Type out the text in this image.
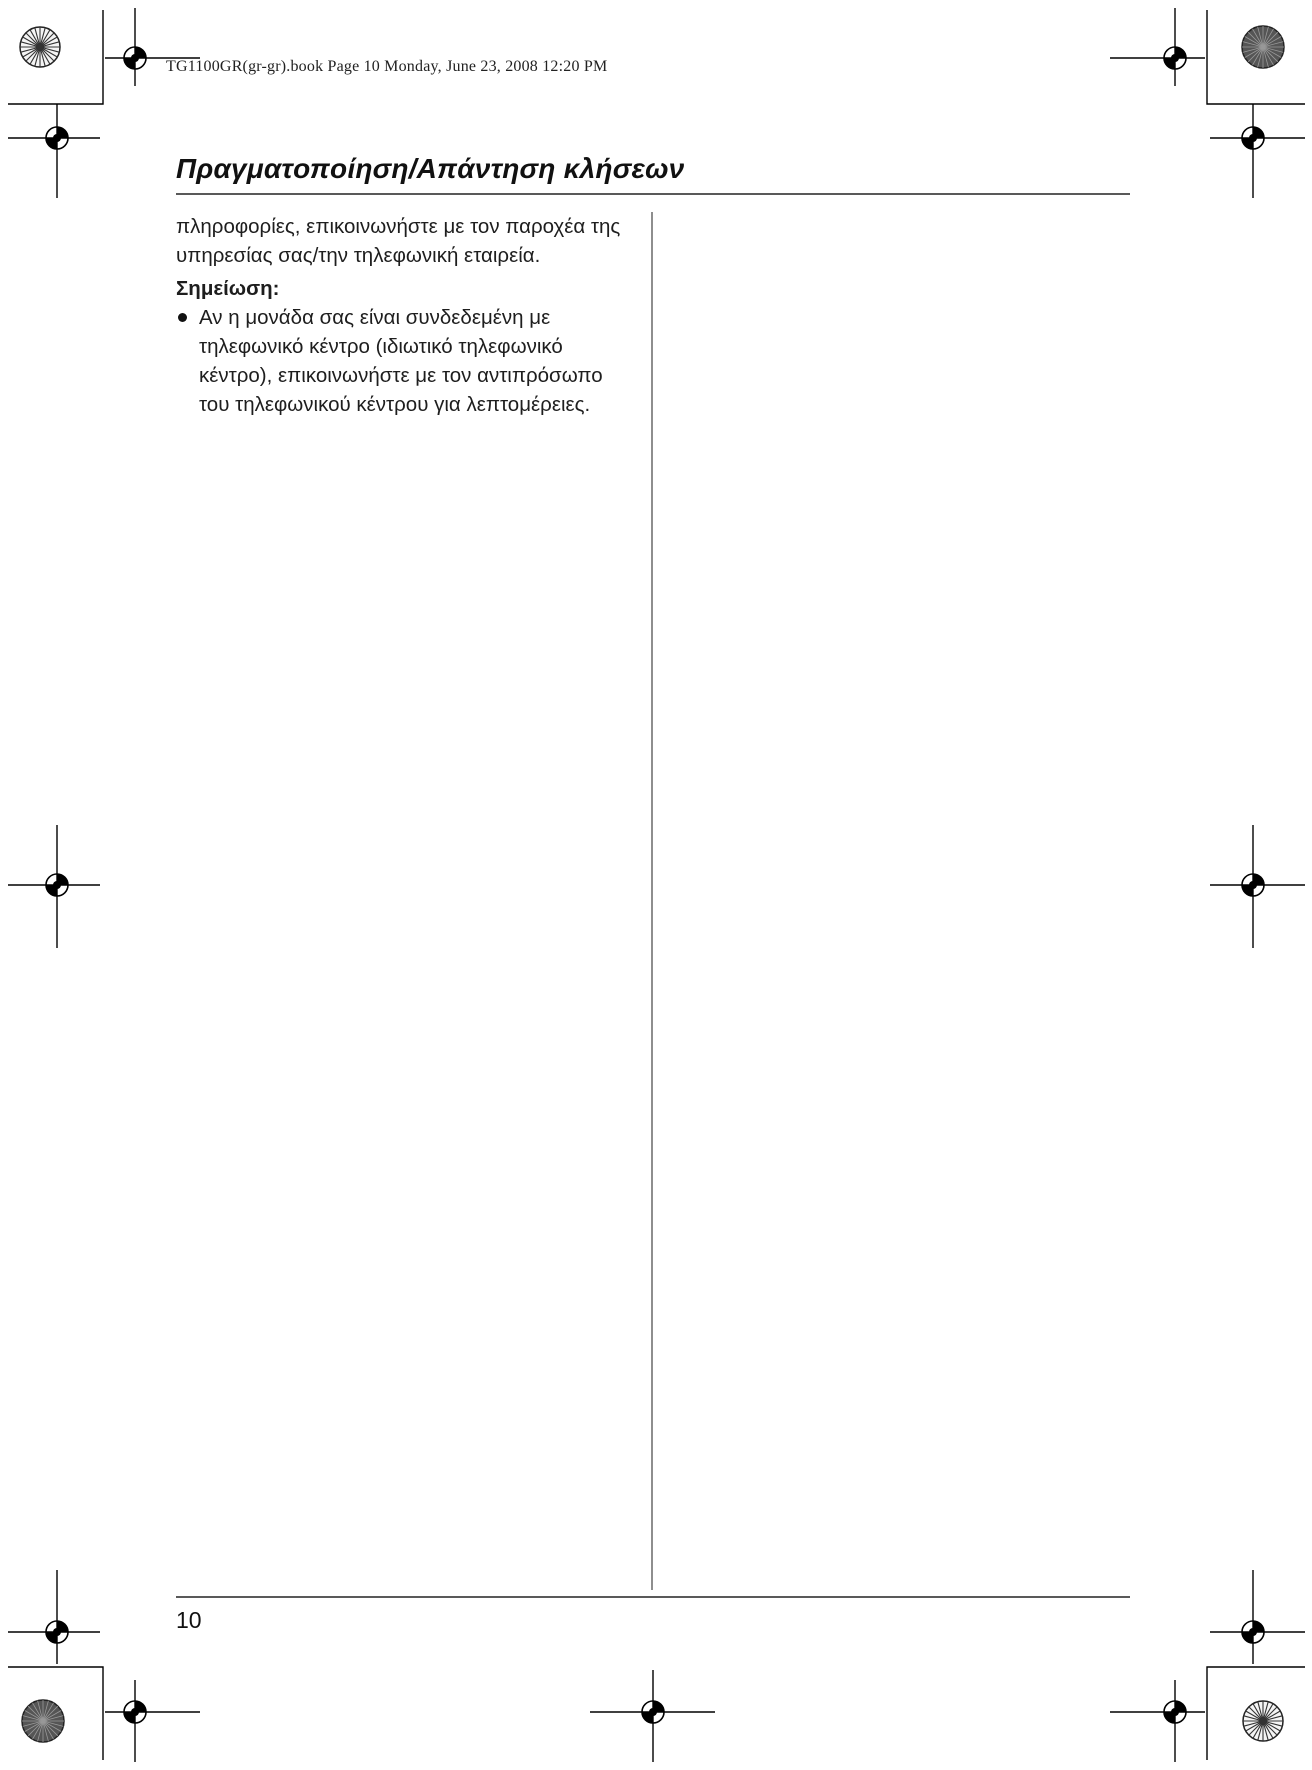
TG1100GR(gr-gr).book Page 10 Monday, June 23, 2008 12:20 PM
Πραγματοποίηση/Απάντηση κλήσεων

πληροφορίες, επικοινωνήστε με τον παροχέα της

υπηρεσίας σας/την τηλεφωνική εταιρεία.

Σημείωση:

Αν η μονάδα σας είναι συνδεδεμένη με

τηλεφωνικό κέντρο (ιδιωτικό τηλεφωνικό

κέντρο), επικοινωνήστε με τον αντιπρόσωπο

του τηλεφωνικού κέντρου για λεπτομέρειες.

10
